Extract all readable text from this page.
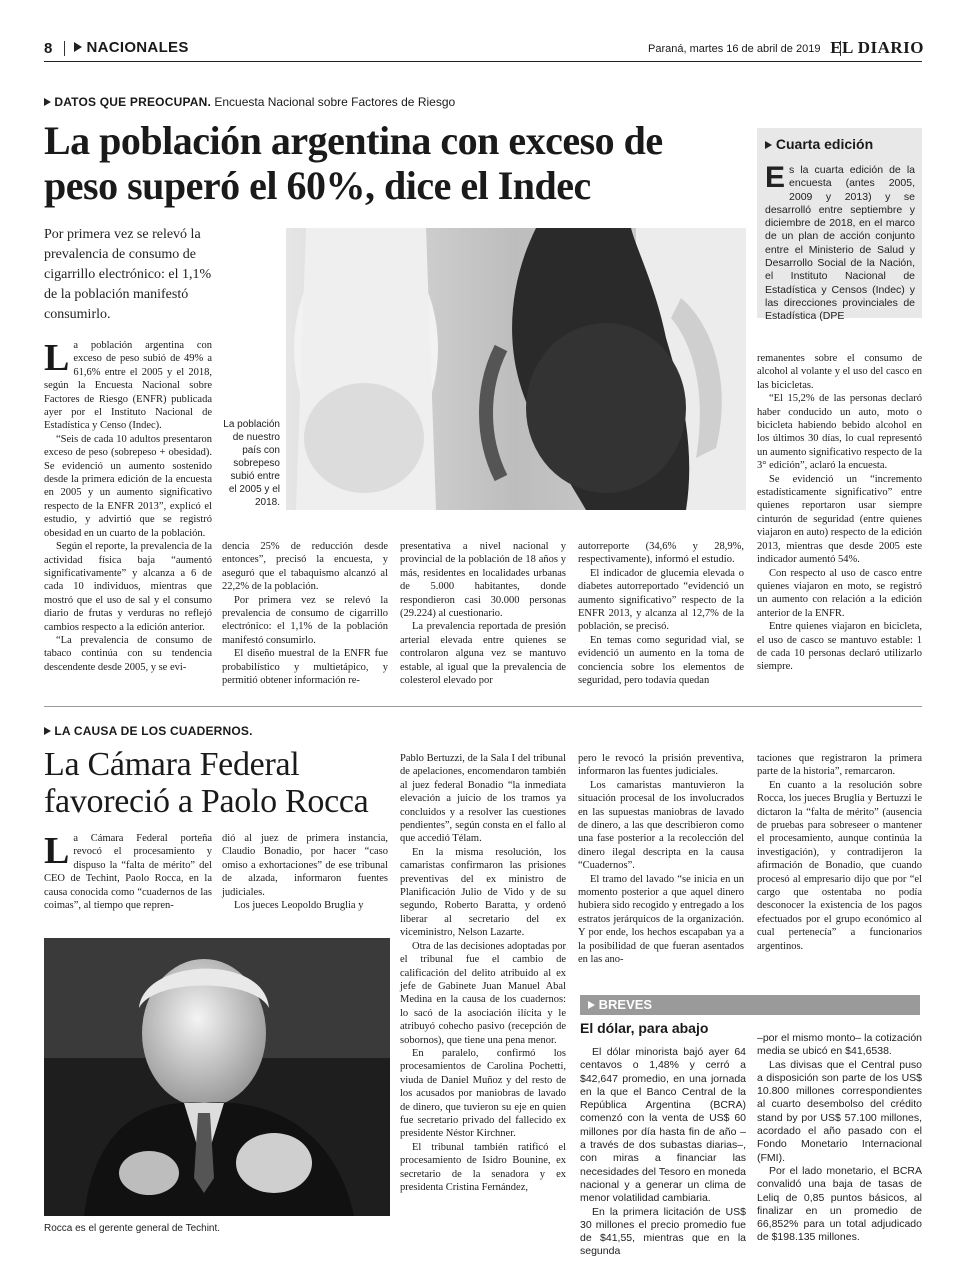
8	NACIONALES	Paraná, martes 16 de abril de 2019 EL DIARIO
DATOS QUE PREOCUPAN. Encuesta Nacional sobre Factores de Riesgo
La población argentina con exceso de peso superó el 60%, dice el Indec
Por primera vez se relevó la prevalencia de consumo de cigarrillo electrónico: el 1,1% de la población manifestó consumirlo.
La población de nuestro país con sobrepeso subió entre el 2005 y el 2018.

La población argentina con exceso de peso subió de 49% a 61,6% entre el 2005 y el 2018, según la Encuesta Nacional sobre Factores de Riesgo (ENFR) publicada ayer por el Instituto Nacional de Estadística y Censo (Indec).

“Seis de cada 10 adultos presentaron exceso de peso (sobrepeso + obesidad). Se evidenció un aumento sostenido desde la primera edición de la encuesta en 2005 y un aumento significativo respecto de la ENFR 2013”, explicó el estudio, y advirtió que se registró obesidad en un cuarto de la población.

Según el reporte, la prevalencia de la actividad física baja “aumentó significativamente” y alcanza a 6 de cada 10 individuos, mientras que mostró que el uso de sal y el consumo diario de frutas y verduras no reflejó cambios respecto a la edición anterior.

“La prevalencia de consumo de tabaco continúa con su tendencia descendente desde 2005, y se evi-

dencia 25% de reducción desde entonces”, precisó la encuesta, y aseguró que el tabaquismo alcanzó al 22,2% de la población.

Por primera vez se relevó la prevalencia de consumo de cigarrillo electrónico: el 1,1% de la población manifestó consumirlo.

El diseño muestral de la ENFR fue probabilístico y multietápico, y permitió obtener información re-

presentativa a nivel nacional y provincial de la población de 18 años y más, residentes en localidades urbanas de 5.000 habitantes, donde respondieron casi 30.000 personas (29.224) al cuestionario.

La prevalencia reportada de presión arterial elevada entre quienes se controlaron alguna vez se mantuvo estable, al igual que la prevalencia de colesterol elevado por

autorreporte (34,6% y 28,9%, respectivamente), informó el estudio.

El indicador de glucemia elevada o diabetes autorreportado “evidenció un aumento significativo” respecto de la ENFR 2013, y alcanza al 12,7% de la población, se precisó.

En temas como seguridad vial, se evidenció un aumento en la toma de conciencia sobre los elementos de seguridad, pero todavía quedan

remanentes sobre el consumo de alcohol al volante y el uso del casco en las bicicletas.

“El 15,2% de las personas declaró haber conducido un auto, moto o bicicleta habiendo bebido alcohol en los últimos 30 días, lo cual representó un aumento significativo respecto de la 3° edición”, aclaró la encuesta.

Se evidenció un “incremento estadísticamente significativo” entre quienes reportaron usar siempre cinturón de seguridad (entre quienes viajaron en auto) respecto de la edición 2013, mientras que desde 2005 este indicador aumentó 54%.

Con respecto al uso de casco entre quienes viajaron en moto, se registró un aumento con relación a la edición anterior de la ENFR.

Entre quienes viajaron en bicicleta, el uso de casco se mantuvo estable: 1 de cada 10 personas declaró utilizarlo siempre.

Cuarta edición
Es la cuarta edición de la encuesta (antes 2005, 2009 y 2013) y se desarrolló entre septiembre y diciembre de 2018, en el marco de un plan de acción conjunto entre el Ministerio de Salud y Desarrollo Social de la Nación, el Instituto Nacional de Estadística y Censos (Indec) y las direcciones provinciales de Estadística (DPE
LA CAUSA DE LOS CUADERNOS.
La Cámara Federal favoreció a Paolo Rocca

La Cámara Federal porteña revocó el procesamiento y dispuso la “falta de mérito” del CEO de Techint, Paolo Rocca, en la causa conocida como “cuadernos de las coimas”, al tiempo que repren-

dió al juez de primera instancia, Claudio Bonadio, por hacer “caso omiso a exhortaciones” de ese tribunal de alzada, informaron fuentes judiciales.

Los jueces Leopoldo Bruglia y

Rocca es el gerente general de Techint.

Pablo Bertuzzi, de la Sala I del tribunal de apelaciones, encomendaron también al juez federal Bonadio “la inmediata elevación a juicio de los tramos ya concluidos y a resolver las cuestiones pendientes”, según consta en el fallo al que accedió Télam.

En la misma resolución, los camaristas confirmaron las prisiones preventivas del ex ministro de Planificación Julio de Vido y de su segundo, Roberto Baratta, y ordenó liberar al secretario del ex viceministro, Nelson Lazarte.

Otra de las decisiones adoptadas por el tribunal fue el cambio de calificación del delito atribuido al ex jefe de Gabinete Juan Manuel Abal Medina en la causa de los cuadernos: lo sacó de la asociación ilícita y le atribuyó cohecho pasivo (recepción de sobornos), que tiene una pena menor.

En paralelo, confirmó los procesamientos de Carolina Pochetti, viuda de Daniel Muñoz y del resto de los acusados por maniobras de lavado de dinero, que tuvieron su eje en quien fue secretario privado del fallecido ex presidente Néstor Kirchner.

El tribunal también ratificó el procesamiento de Isidro Bounine, ex secretario de la senadora y ex presidenta Cristina Fernández,

pero le revocó la prisión preventiva, informaron las fuentes judiciales.

Los camaristas mantuvieron la situación procesal de los involucrados en las supuestas maniobras de lavado de dinero, a las que describieron como una fase posterior a la recolección del dinero ilegal descripta en la causa “Cuadernos”.

El tramo del lavado “se inicia en un momento posterior a que aquel dinero hubiera sido recogido y entregado a los estratos jerárquicos de la organización. Y por ende, los hechos escapaban ya a la posibilidad de que fueran asentados en las ano-

taciones que registraron la primera parte de la historia”, remarcaron.

En cuanto a la resolución sobre Rocca, los jueces Bruglia y Bertuzzi le dictaron la “falta de mérito” (ausencia de pruebas para sobreseer o mantener el procesamiento, aunque continúa la investigación), y contradijeron la afirmación de Bonadio, que cuando procesó al empresario dijo que por “el cargo que ostentaba no podía desconocer la existencia de los pagos efectuados por el grupo económico al cual pertenecía” a funcionarios argentinos.

BREVES
El dólar, para abajo

El dólar minorista bajó ayer 64 centavos o 1,48% y cerró a $42,647 promedio, en una jornada en la que el Banco Central de la República Argentina (BCRA) comenzó con la venta de US$ 60 millones por día hasta fin de año –a través de dos subastas diarias–, con miras a financiar las necesidades del Tesoro en moneda nacional y a generar un clima de menor volatilidad cambiaria.

En la primera licitación de US$ 30 millones el precio promedio fue de $41,55, mientras que en la segunda

–por el mismo monto– la cotización media se ubicó en $41,6538.

Las divisas que el Central puso a disposición son parte de los US$ 10.800 millones correspondientes al cuarto desembolso del crédito stand by por US$ 57.100 millones, acordado el año pasado con el Fondo Monetario Internacional (FMI).

Por el lado monetario, el BCRA convalidó una baja de tasas de Leliq de 0,85 puntos básicos, al finalizar en un promedio de 66,852% para un total adjudicado de $198.135 millones.
